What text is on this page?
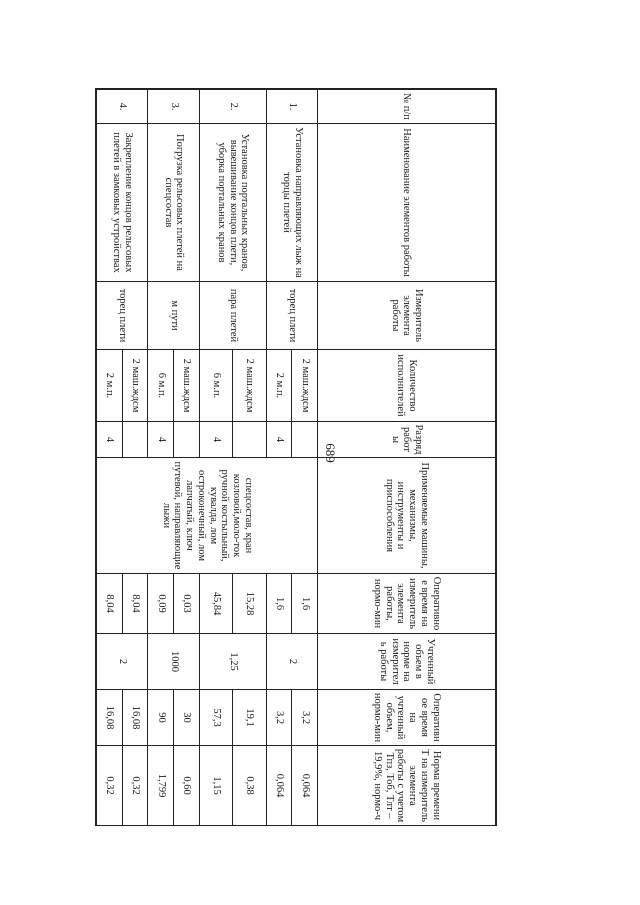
689
№ п/п	Наименование элементов работы	Измеритель элемента работы	Количество исполнителей	Разряд работы	Применяемые машины, механизмы, инструменты и приспособления	Оперативное время на измеритель элемента работы, нормо-мин	Учтенный объем в норме на измеритель работы	Оперативное время на учтенный объем, нормо-мин	Норма времени Т на измеритель элемента работы с учетом Тпз, Тоб, Тлт – 19,9%, нормо-ч
1.	Установка направляющих лыж на торцы плетей	торец плети	2 маш.ждсм		спецсостав, кран козловой,моло-ток ручной костыльный, кувалда, лом остроконечный, лом лапчатый, ключ путевой, направляющие лыжи	1,6	2	3,2	0,064
			2 м.п.	4		1,6		3,2	0,064
2.	Установка портальных кранов, вывешивание концов плети, уборка портальных кранов	пара плетей	2 маш.ждсм			15,28	1,25	19,1	0,38
			6 м.п.	4		45,84		57,3	1,15
3.	Погрузка рельсовых плетей на спецсостав	м пути	2 маш.ждсм			0,03	1000	30	0,60
			6 м.п.	4		0,09		90	1,799
4.	Закрепление концов рельсовых плетей в замковых устройствах	торец плети	2 маш.ждсм			8,04	2	16,08	0,32
			2 м.п.	4		8,04		16,08	0,32
